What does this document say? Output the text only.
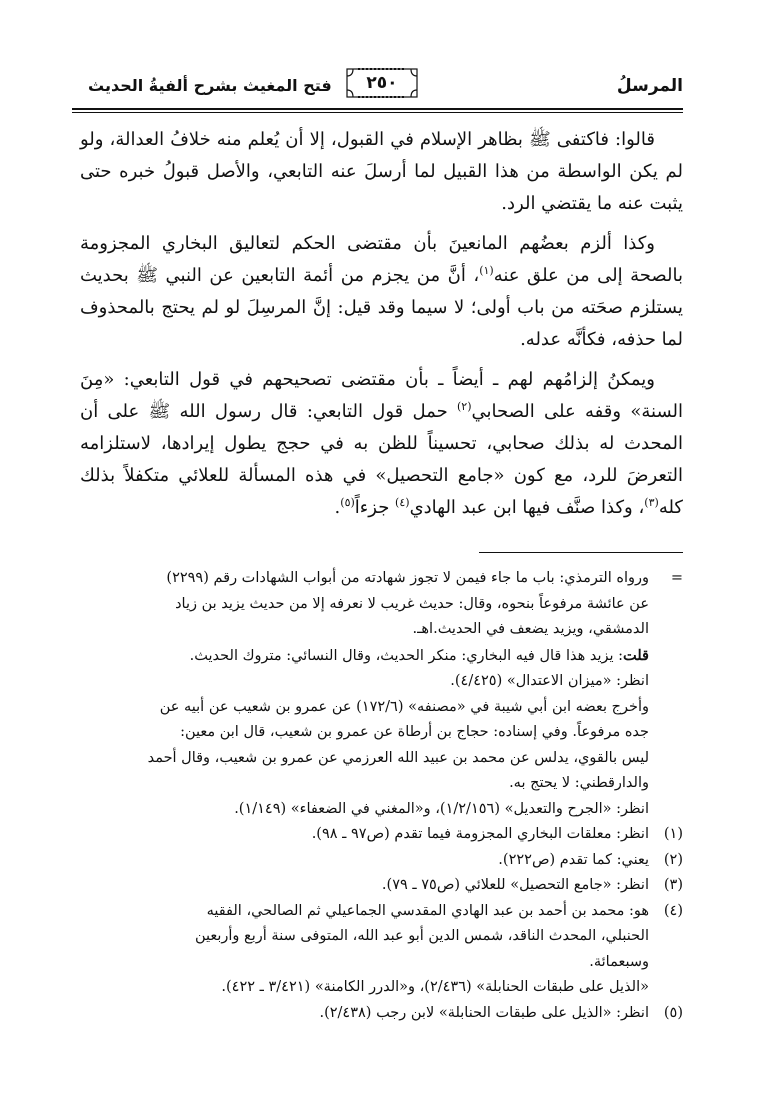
المرسلُ
٢٥٠
فتح المغيث بشرح ألفيةُ الحديث

قالوا: فاكتفى ﷺ بظاهر الإسلام في القبول، إلا أن يُعلم منه خلافُ العدالة، ولو لم يكن الواسطة من هذا القبيل لما أرسلَ عنه التابعي، والأصل قبولُ خبره حتى يثبت عنه ما يقتضي الرد.

وكذا ألزم بعضُهم المانعينَ بأن مقتضى الحكم لتعاليق البخاري المجزومة بالصحة إلى من علق عنه$^{(١)}$، أنَّ من يجزم من أئمة التابعين عن النبي ﷺ بحديث يستلزم صحَته من باب أولى؛ لا سيما وقد قيل: إنَّ المرسِلَ لو لم يحتج بالمحذوف لما حذفه، فكأنَّه عدله.

ويمكنُ إلزامُهم لهم ـ أيضاً ـ بأن مقتضى تصحيحهم في قول التابعي: «مِنَ السنة» وقفه على الصحابي$^{(٢)}$ حمل قول التابعي: قال رسول الله ﷺ على أن المحدث له بذلك صحابي، تحسيناً للظن به في حجج يطول إيرادها، لاستلزامه التعرضَ للرد، مع كون «جامع التحصيل» في هذه المسألة للعلائي متكفلاً بذلك كله$^{(٣)}$، وكذا صنَّف فيها ابن عبد الهادي$^{(٤)}$ جزءاً$^{(٥)}$.

=
ورواه الترمذي: باب ما جاء فيمن لا تجوز شهادته من أبواب الشهادات رقم (٢٢٩٩)
عن عائشة مرفوعاً بنحوه، وقال: حديث غريب لا نعرفه إلا من حديث يزيد بن زياد
الدمشقي، ويزيد يضعف في الحديث.اهـ.
قلت: يزيد هذا قال فيه البخاري: منكر الحديث، وقال النسائي: متروك الحديث.
انظر: «ميزان الاعتدال» (٤/٤٢٥).
وأخرج بعضه ابن أبي شيبة في «مصنفه» (١٧٢/٦) عن عمرو بن شعيب عن أبيه عن
جده مرفوعاً. وفي إسناده: حجاج بن أرطاة عن عمرو بن شعيب، قال ابن معين:
ليس بالقوي، يدلس عن محمد بن عبيد الله العرزمي عن عمرو بن شعيب، وقال أحمد
والدارقطني: لا يحتج به.
انظر: «الجرح والتعديل» (١/٢/١٥٦)، و«المغني في الضعفاء» (١/١٤٩).
(١)
انظر: معلقات البخاري المجزومة فيما تقدم (ص٩٧ ـ ٩٨).
(٢)
يعني: كما تقدم (ص٢٢٢).
(٣)
انظر: «جامع التحصيل» للعلائي (ص٧٥ ـ ٧٩).
(٤)
هو: محمد بن أحمد بن عبد الهادي المقدسي الجماعيلي ثم الصالحي، الفقيه
الحنبلي، المحدث الناقد، شمس الدين أبو عبد الله، المتوفى سنة أربع وأربعين
وسبعمائة.
«الذيل على طبقات الحنابلة» (٢/٤٣٦)، و«الدرر الكامنة» (٣/٤٢١ ـ ٤٢٢).
(٥)
انظر: «الذيل على طبقات الحنابلة» لابن رجب (٢/٤٣٨).
